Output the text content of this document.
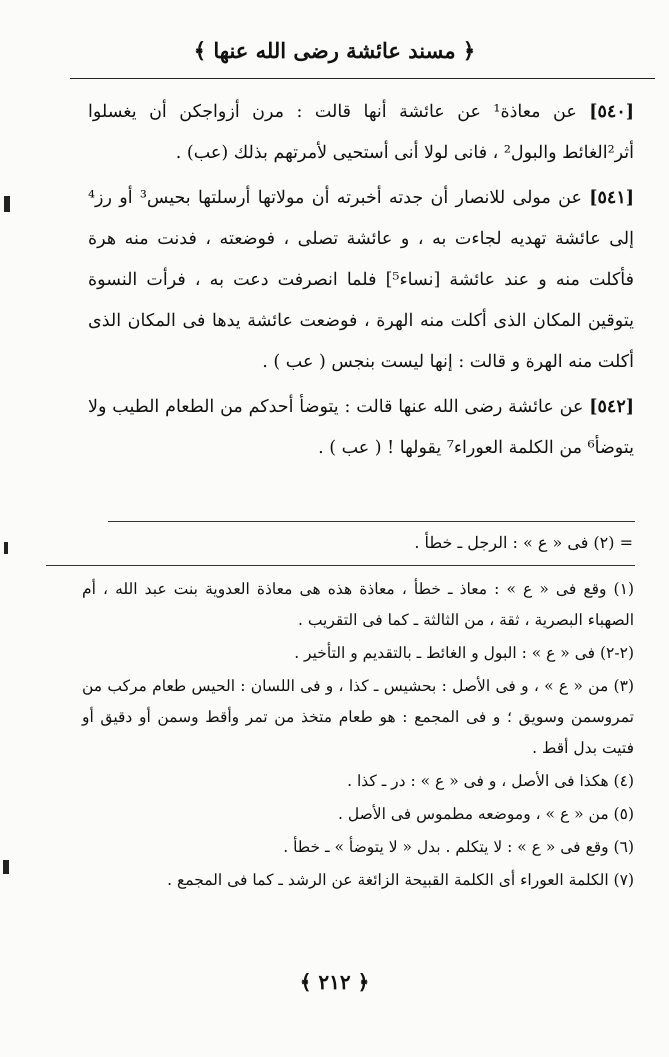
﴿ مسند عائشة رضى الله عنها ﴾

[٥٤٠] عن معاذة¹ عن عائشة أنها قالت : مرن أزواجكن أن يغسلوا أثر²الغائط والبول² ، فانى لولا أنى أستحيى لأمرتهم بذلك (عب) .

[٥٤١] عن مولى للانصار أن جدته أخبرته أن مولاتها أرسلتها بحيس³ أو رز⁴ إلى عائشة تهديه لجاءت به ، و عائشة تصلى ، فوضعته ، فدنت منه هرة فأكلت منه و عند عائشة [نساء⁵] فلما انصرفت دعت به ، فرأت النسوة يتوقين المكان الذى أكلت منه الهرة ، فوضعت عائشة يدها فى المكان الذى أكلت منه الهرة و قالت : إنها ليست بنجس ( عب ) .

[٥٤٢] عن عائشة رضى الله عنها قالت : يتوضأ أحدكم من الطعام الطيب ولا يتوضأ⁶ من الكلمة العوراء⁷ يقولها ! ( عب ) .

= (٢) فى « ع » : الرجل ـ خطأ .

(١) وقع فى « ع » : معاذ ـ خطأ ، معاذة هذه هى معاذة العدوية بنت عبد الله ، أم الصهباء البصرية ، ثقة ، من الثالثة ـ كما فى التقريب .

(٢-٢) فى « ع » : البول و الغائط ـ بالتقديم و التأخير .

(٣) من « ع » ، و فى الأصل : بحشيس ـ كذا ، و فى اللسان : الحيس طعام مركب من تمروسمن وسويق ؛ و فى المجمع : هو طعام متخذ من تمر وأقط وسمن أو دقيق أو فتيت بدل أقط .

(٤) هكذا فى الأصل ، و فى « ع » : در ـ كذا .

(٥) من « ع » ، وموضعه مطموس فى الأصل .

(٦) وقع فى « ع » : لا يتكلم . بدل « لا يتوضأ » ـ خطأ .

(٧) الكلمة العوراء أى الكلمة القبيحة الزائغة عن الرشد ـ كما فى المجمع .

﴿ ٢١٢ ﴾
